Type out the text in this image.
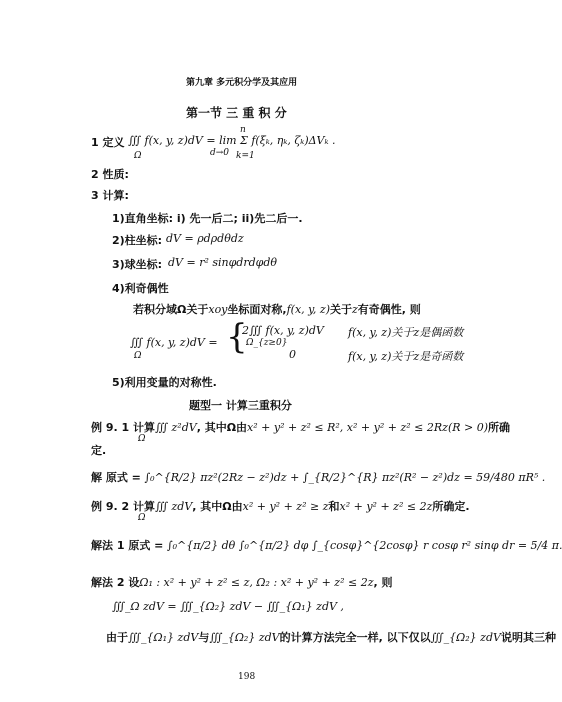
第九章 多元积分学及其应用
第一节 三 重 积 分
1 定义 ∭ f(x, y, z)dV = lim Σ f(ξₖ, ηₖ, ζₖ)ΔVₖ .
Ω	d→0
n
k=1
2 性质:
3 计算:
1)直角坐标: i) 先一后二; ii)先二后一.
2)柱坐标: dV = ρdρdθdz
3)球坐标: dV = r² sinφdrdφdθ
4)利奇偶性
若积分域Ω关于xoy坐标面对称,f(x, y, z)关于z有奇偶性, 则
∭ f(x, y, z)dV =
Ω {
2∭ f(x, y, z)dV
Ω_{z≥0}
f(x, y, z)关于z是偶函数
0	f(x, y, z)关于z是奇函数
5)利用变量的对称性.
题型一 计算三重积分
例 9. 1 计算∭ z²dV, 其中Ω由x² + y² + z² ≤ R², x² + y² + z² ≤ 2Rz(R > 0)所确
Ω
定.
解 原式 = ∫₀^{R/2} πz²(2Rz − z²)dz + ∫_{R/2}^{R} πz²(R² − z²)dz = 59/480 πR⁵ .
例 9. 2 计算∭ zdV, 其中Ω由x² + y² + z² ≥ z和x² + y² + z² ≤ 2z所确定.
Ω
解法 1 原式 = ∫₀^{π/2} dθ ∫₀^{π/2} dφ ∫_{cosφ}^{2cosφ} r cosφ r² sinφ dr = 5/4 π.
解法 2 设Ω₁ : x² + y² + z² ≤ z, Ω₂ : x² + y² + z² ≤ 2z, 则
∭_Ω zdV = ∭_{Ω₂} zdV − ∭_{Ω₁} zdV ,
由于∭_{Ω₁} zdV与∭_{Ω₂} zdV的计算方法完全一样, 以下仅以∭_{Ω₂} zdV说明其三种
198
